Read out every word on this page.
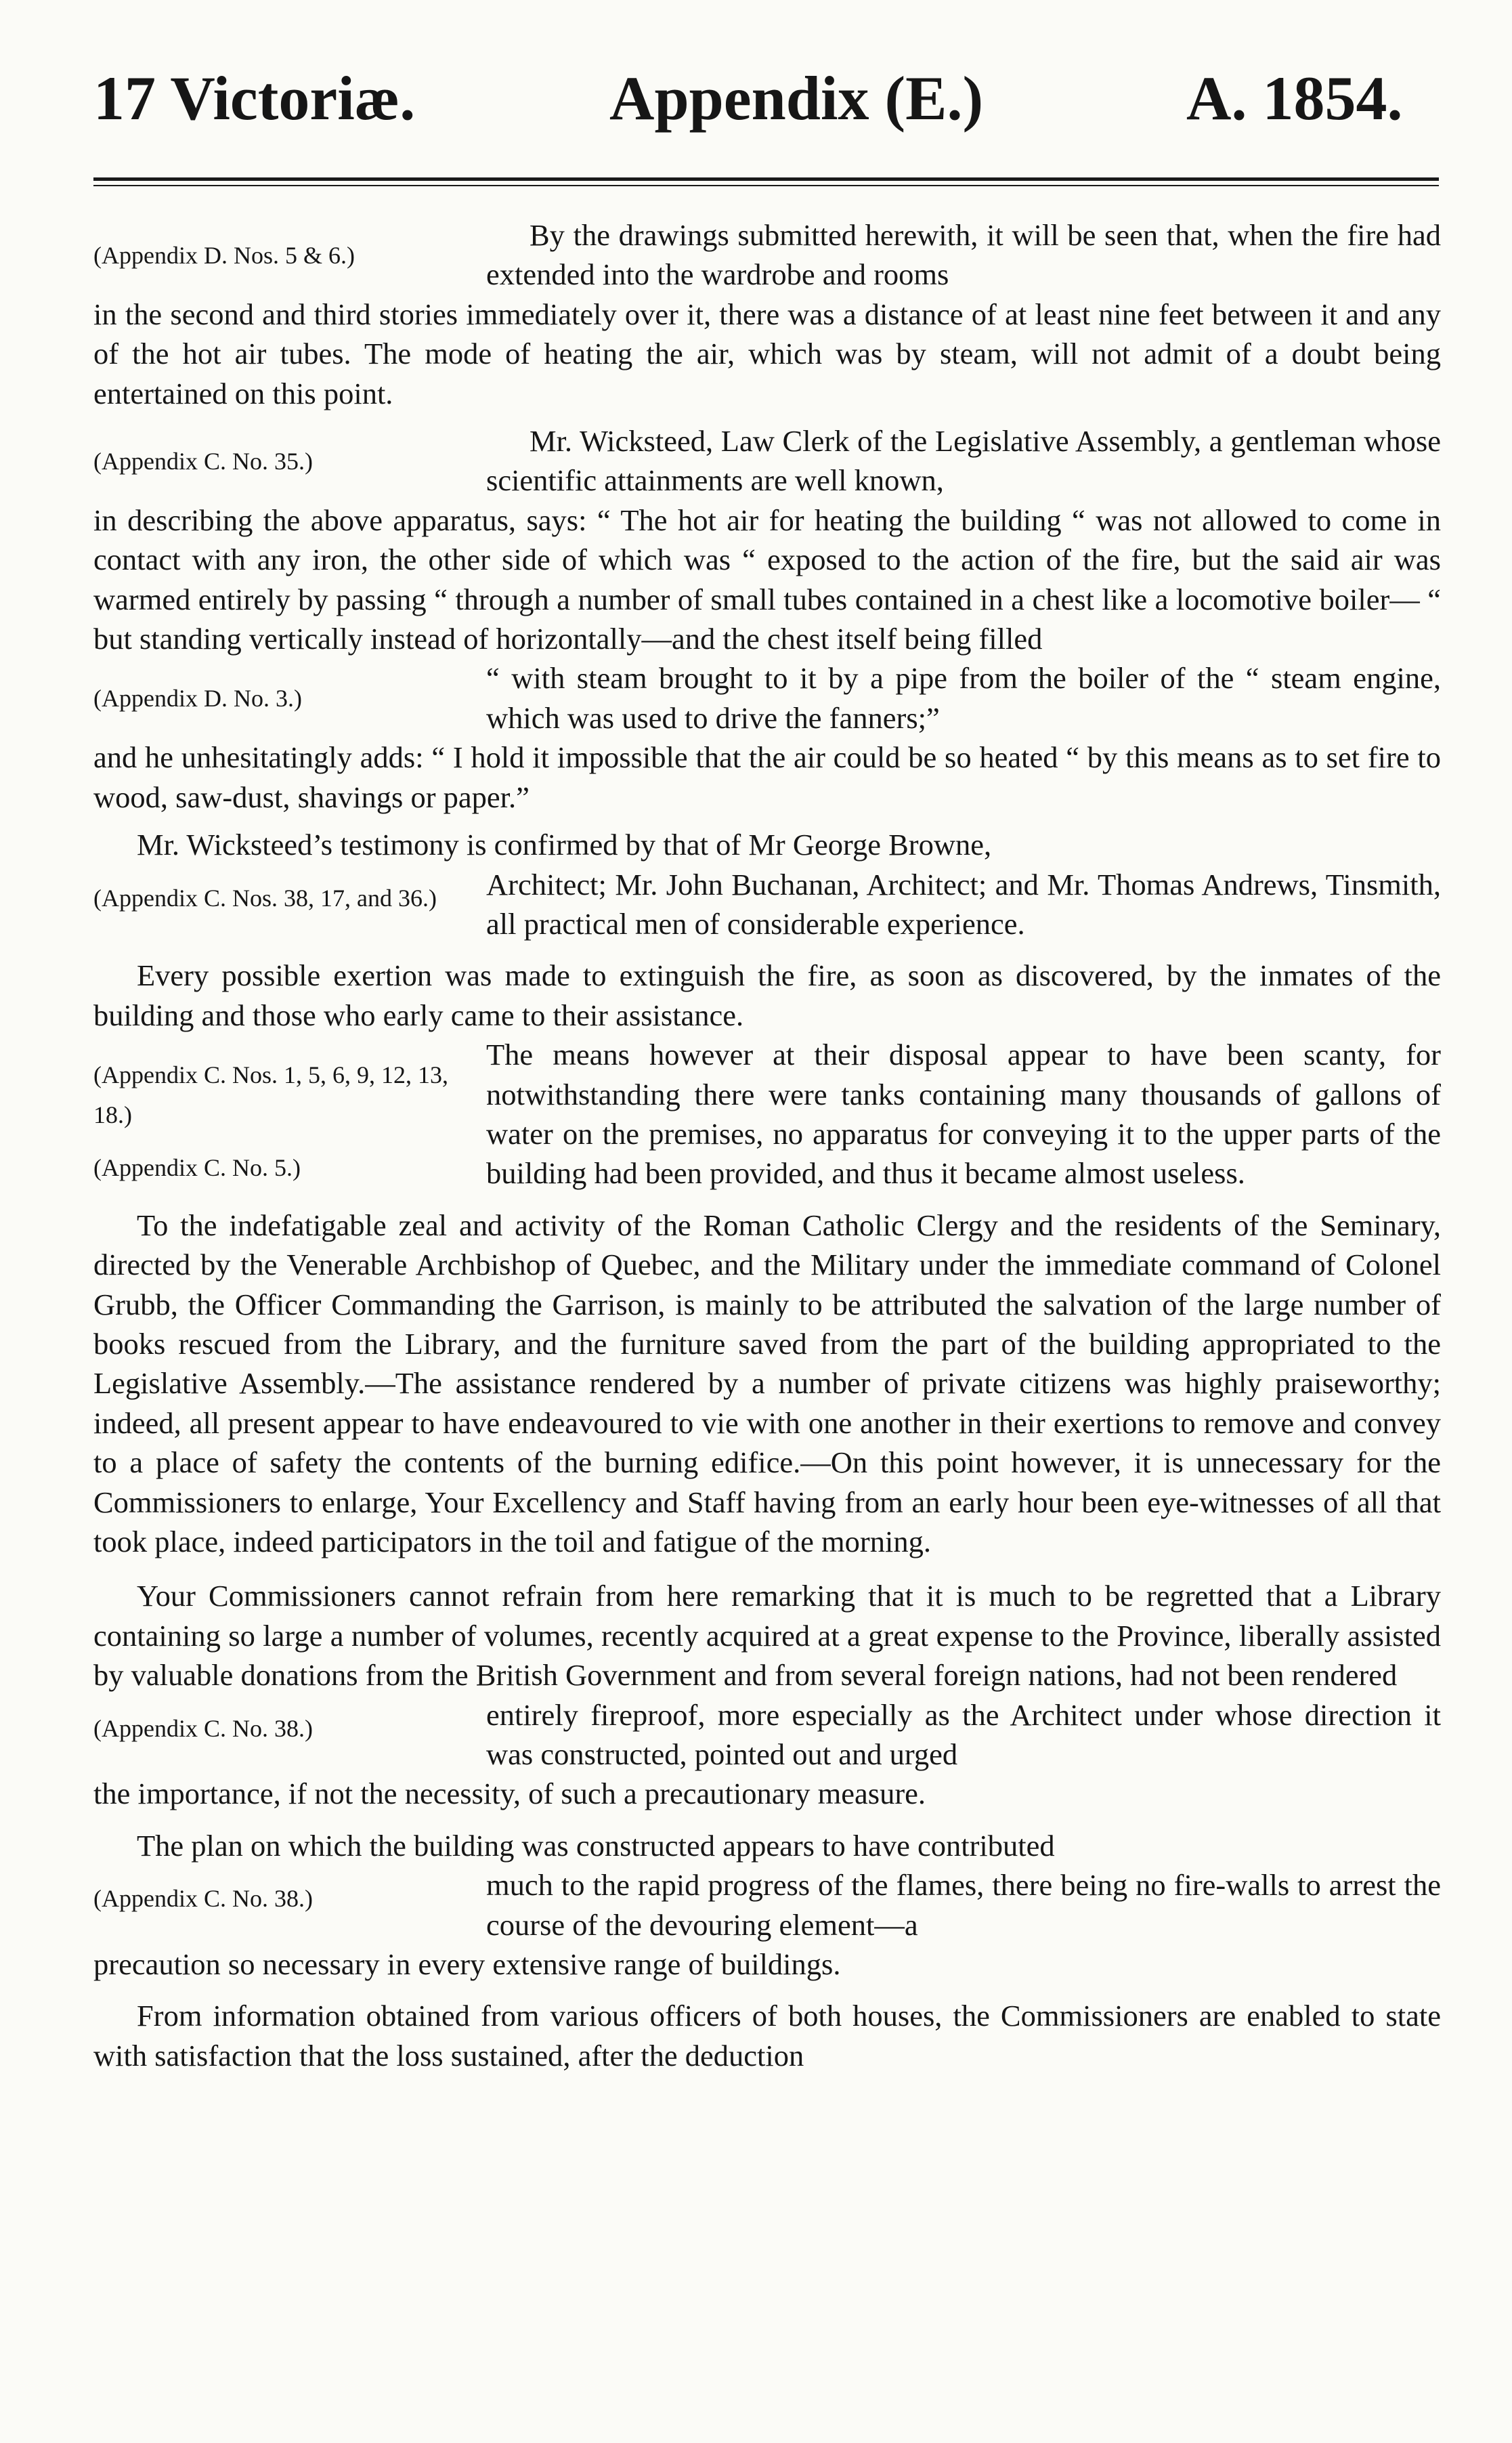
17 Victoriæ.	Appendix (E.)	A. 1854.
(Appendix D. Nos. 5 & 6.)
By the drawings submitted herewith, it will be seen that, when the fire had extended into the wardrobe and rooms

in the second and third stories immediately over it, there was a distance of at least nine feet between it and any of the hot air tubes. The mode of heating the air, which was by steam, will not admit of a doubt being entertained on this point.

(Appendix C. No. 35.)
Mr. Wicksteed, Law Clerk of the Legislative Assembly, a gentleman whose scientific attainments are well known,

in describing the above apparatus, says: “ The hot air for heating the building “ was not allowed to come in contact with any iron, the other side of which was “ exposed to the action of the fire, but the said air was warmed entirely by passing “ through a number of small tubes contained in a chest like a locomotive boiler— “ but standing vertically instead of horizontally—and the chest itself being filled

(Appendix D. No. 3.)
“ with steam brought to it by a pipe from the boiler of the “ steam engine, which was used to drive the fanners;”

and he unhesitatingly adds: “ I hold it impossible that the air could be so heated “ by this means as to set fire to wood, saw-dust, shavings or paper.”

Mr. Wicksteed’s testimony is confirmed by that of Mr George Browne,

(Appendix C. Nos. 38, 17, and 36.)	Architect; Mr. John Buchanan, Architect; and Mr. Thomas Andrews, Tinsmith, all practical men of considerable experience.

Every possible exertion was made to extinguish the fire, as soon as discovered, by the inmates of the building and those who early came to their assistance.

(Appendix C. Nos. 1, 5, 6, 9, 12, 13, 18.)
(Appendix C. No. 5.)
The means however at their disposal appear to have been scanty, for notwithstanding there were tanks containing many thousands of gallons of water on the premises, no apparatus for conveying it to the upper parts of the building had been provided, and thus it became almost useless.

To the indefatigable zeal and activity of the Roman Catholic Clergy and the residents of the Seminary, directed by the Venerable Archbishop of Quebec, and the Military under the immediate command of Colonel Grubb, the Officer Commanding the Garrison, is mainly to be attributed the salvation of the large number of books rescued from the Library, and the furniture saved from the part of the building appropriated to the Legislative Assembly.—The assistance rendered by a number of private citizens was highly praiseworthy; indeed, all present appear to have endeavoured to vie with one another in their exertions to remove and convey to a place of safety the contents of the burning edifice.—On this point however, it is unnecessary for the Commissioners to enlarge, Your Excellency and Staff having from an early hour been eye-witnesses of all that took place, indeed participators in the toil and fatigue of the morning.

Your Commissioners cannot refrain from here remarking that it is much to be regretted that a Library containing so large a number of volumes, recently acquired at a great expense to the Province, liberally assisted by valuable donations from the British Government and from several foreign nations, had not been rendered

(Appendix C. No. 38.)	entirely fireproof, more especially as the Architect under whose direction it was constructed, pointed out and urged

the importance, if not the necessity, of such a precautionary measure.

The plan on which the building was constructed appears to have contributed

(Appendix C. No. 38.)	much to the rapid progress of the flames, there being no fire-walls to arrest the course of the devouring element—a

precaution so necessary in every extensive range of buildings.

From information obtained from various officers of both houses, the Commissioners are enabled to state with satisfaction that the loss sustained, after the deduction
